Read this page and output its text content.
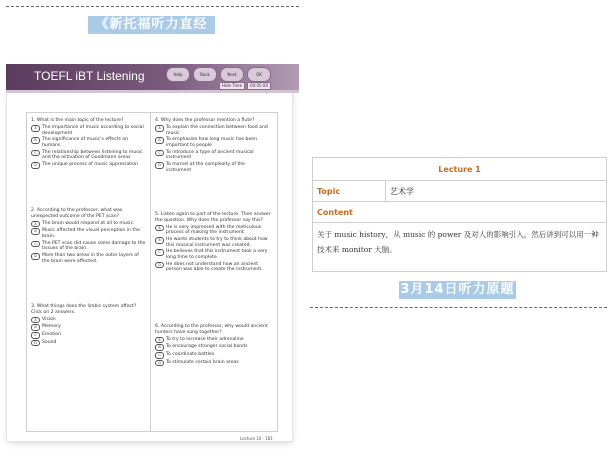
《新托福听力直经5》
TOEFL iBT Listening	Help	Back	Next	OK
Hide Time	00:05:00
1. What is the main topic of the lecture?
A	The importance of music according to social development
B	The significance of music's effects on humans
C	The relationship between listening to music and the activation of Goodmann areas
D	The unique process of music appreciation
2. According to the professor, what was unexpected outcome of the PET scan?
A	The brain would respond at all to music.
B	Music affected the visual perception in the brain.
C	The PET scan did cause some damage to the tissues of the brain.
D	More than two areas in the outer layers of the brain were affected.
3. What things does the limbic system affect? Click on 2 answers.
A	Vision
B	Memory
C	Emotion
D	Sound
4. Why does the professor mention a flute?
A	To explain the connection between food and music
B	To emphasize how long music has been important to people
C	To introduce a type of ancient musical instrument
D	To marvel at the complexity of the instrument
5. Listen again to part of the lecture. Then answer the question. Why does the professor say this?
A	He is very impressed with the meticulous process of making the instrument.
B	He wants students to try to think about how this musical instrument was created.
C	He believes that this instrument took a very long time to complete.
D	He does not understand how an ancient person was able to create the instrument.
6. According to the professor, why would ancient hunters have sung together?
A	To try to increase their adrenaline
B	To encourage stronger social bonds
C	To coordinate battles
D	To stimulate certain brain areas
Lecture 10 · 181
Lecture 1
Topic	艺术学
Content
关于 music history，从 music 的 power 及对人的影响引入，然后讲到可以用一种技术来 monitor 大脑。
3月14日听力原题
